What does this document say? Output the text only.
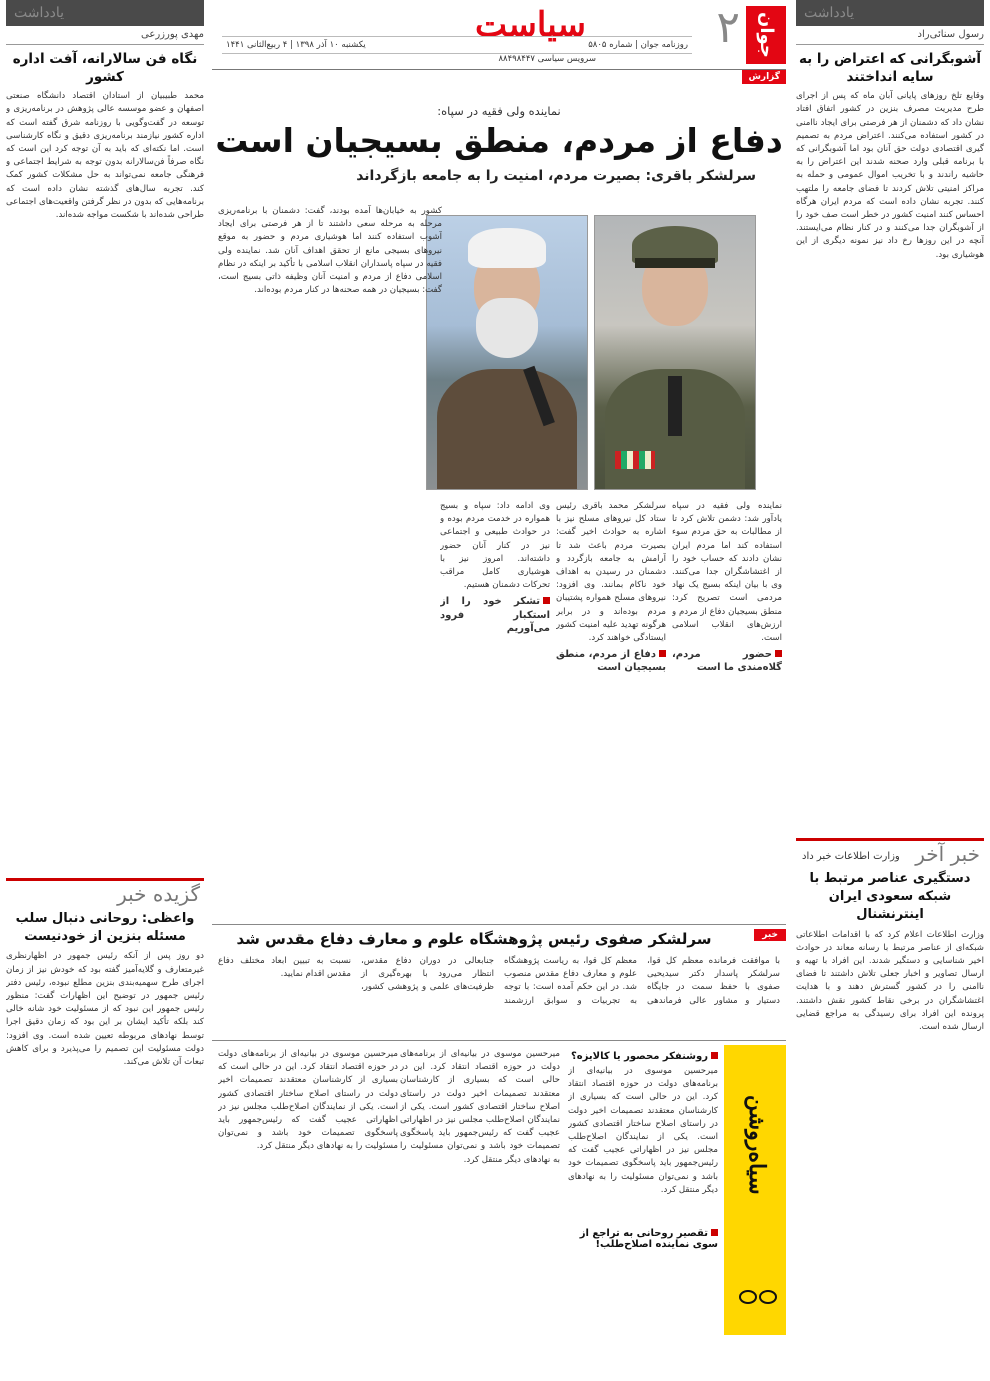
یادداشت
رسول سنائی‌راد
آشوبگرانی که اعتراض را به سایه انداختند
وقایع تلخ روزهای پایانی آبان ماه که پس از اجرای طرح مدیریت مصرف بنزین در کشور اتفاق افتاد نشان داد که دشمنان از هر فرصتی برای ایجاد ناامنی در کشور استفاده می‌کنند. اعتراض مردم به تصمیم گیری اقتصادی دولت حق آنان بود اما آشوبگرانی که با برنامه قبلی وارد صحنه شدند این اعتراض را به حاشیه راندند و با تخریب اموال عمومی و حمله به مراکز امنیتی تلاش کردند تا فضای جامعه را ملتهب کنند. تجربه نشان داده است که مردم ایران هرگاه احساس کنند امنیت کشور در خطر است صف خود را از آشوبگران جدا می‌کنند و در کنار نظام می‌ایستند. آنچه در این روزها رخ داد نیز نمونه دیگری از این هوشیاری بود.
خبر آخر
وزارت اطلاعات خبر داد
دستگیری عناصر مرتبط با شبکه سعودی ایران اینترنشنال
وزارت اطلاعات اعلام کرد که با اقدامات اطلاعاتی شبکه‌ای از عناصر مرتبط با رسانه معاند در حوادث اخیر شناسایی و دستگیر شدند. این افراد با تهیه و ارسال تصاویر و اخبار جعلی تلاش داشتند تا فضای ناامنی را در کشور گسترش دهند و با هدایت اغتشاشگران در برخی نقاط کشور نقش داشتند. پرونده این افراد برای رسیدگی به مراجع قضایی ارسال شده است.
جوان
۲
سیاست روزنامه جوان | شماره ۵۸۰۵
یکشنبه ۱۰ آذر ۱۳۹۸ | ۴ ربیع‌الثانی ۱۴۴۱
سرویس سیاسی ۸۸۴۹۸۴۴۷
گزارش
نماینده ولی فقیه در سپاه:
دفاع از مردم، منطق بسیجیان است
سرلشکر باقری: بصیرت مردم، امنیت را به جامعه بازگرداند
کشور به خیابان‌ها آمده بودند، گفت: دشمنان با برنامه‌ریزی مرحله به مرحله سعی داشتند تا از هر فرصتی برای ایجاد آشوب استفاده کنند اما هوشیاری مردم و حضور به موقع نیروهای بسیجی مانع از تحقق اهداف آنان شد. نماینده ولی فقیه در سپاه پاسداران انقلاب اسلامی با تأکید بر اینکه در نظام اسلامی دفاع از مردم و امنیت آنان وظیفه ذاتی بسیج است، گفت: بسیجیان در همه صحنه‌ها در کنار مردم بوده‌اند.
نماینده ولی فقیه در سپاه یادآور شد: دشمن تلاش کرد تا از مطالبات به حق مردم سوء استفاده کند اما مردم ایران نشان دادند که حساب خود را از اغتشاشگران جدا می‌کنند. وی با بیان اینکه بسیج یک نهاد مردمی است تصریح کرد: منطق بسیجیان دفاع از مردم و ارزش‌های انقلاب اسلامی است.

حضور مردم، گلاه‌مندی ما است
سرلشکر محمد باقری رئیس ستاد کل نیروهای مسلح نیز با اشاره به حوادث اخیر گفت: بصیرت مردم باعث شد تا آرامش به جامعه بازگردد و دشمنان در رسیدن به اهداف خود ناکام بمانند. وی افزود: نیروهای مسلح همواره پشتیبان مردم بوده‌اند و در برابر هرگونه تهدید علیه امنیت کشور ایستادگی خواهند کرد.

دفاع از مردم، منطق بسیجیان است
وی ادامه داد: سپاه و بسیج همواره در خدمت مردم بوده و در حوادث طبیعی و اجتماعی نیز در کنار آنان حضور داشته‌اند. امروز نیز با هوشیاری کامل مراقب تحرکات دشمنان هستیم.

تشکر خود را از استکبار فرود می‌آوریم
خبر
سرلشکر صفوی رئیس پژوهشگاه علوم و معارف دفاع مقدس شد
با موافقت فرمانده معظم کل قوا، سرلشکر پاسدار دکتر سیدیحیی صفوی با حفظ سمت در جایگاه دستیار و مشاور عالی فرماندهی معظم کل قوا، به ریاست پژوهشگاه علوم و معارف دفاع مقدس منصوب شد. در این حکم آمده است: با توجه به تجربیات و سوابق ارزشمند جنابعالی در دوران دفاع مقدس، انتظار می‌رود با بهره‌گیری از ظرفیت‌های علمی و پژوهشی کشور، نسبت به تبیین ابعاد مختلف دفاع مقدس اقدام نمایید.
سیاه‌روشن
روشنفکر محصور یا کالایزه؟
میرحسین موسوی در بیانیه‌ای از برنامه‌های دولت در حوزه اقتصاد انتقاد کرد. این در حالی است که بسیاری از کارشناسان معتقدند تصمیمات اخیر دولت در راستای اصلاح ساختار اقتصادی کشور است. یکی از نمایندگان اصلاح‌طلب مجلس نیز در اظهاراتی عجیب گفت که رئیس‌جمهور باید پاسخگوی تصمیمات خود باشد و نمی‌توان مسئولیت را به نهادهای دیگر منتقل کرد.
تقصیر روحانی به تراجع از سوی نماینده اصلاح‌طلب!
میرحسین موسوی در بیانیه‌ای از برنامه‌های دولت در حوزه اقتصاد انتقاد کرد. این در حالی است که بسیاری از کارشناسان معتقدند تصمیمات اخیر دولت در راستای اصلاح ساختار اقتصادی کشور است. یکی از نمایندگان اصلاح‌طلب مجلس نیز در اظهاراتی عجیب گفت که رئیس‌جمهور باید پاسخگوی تصمیمات خود باشد و نمی‌توان مسئولیت را به نهادهای دیگر منتقل کرد.
میرحسین موسوی در بیانیه‌ای از برنامه‌های دولت در حوزه اقتصاد انتقاد کرد. این در حالی است که بسیاری از کارشناسان معتقدند تصمیمات اخیر دولت در راستای اصلاح ساختار اقتصادی کشور است. یکی از نمایندگان اصلاح‌طلب مجلس نیز در اظهاراتی عجیب گفت که رئیس‌جمهور باید پاسخگوی تصمیمات خود باشد و نمی‌توان مسئولیت را به نهادهای دیگر منتقل کرد.
یادداشت
مهدی پورزرعی
نگاه فن سالارانه، آفت اداره کشور
محمد طبیبیان از استادان اقتصاد دانشگاه صنعتی اصفهان و عضو موسسه عالی پژوهش در برنامه‌ریزی و توسعه در گفت‌وگویی با روزنامه شرق گفته است که اداره کشور نیازمند برنامه‌ریزی دقیق و نگاه کارشناسی است. اما نکته‌ای که باید به آن توجه کرد این است که نگاه صرفاً فن‌سالارانه بدون توجه به شرایط اجتماعی و فرهنگی جامعه نمی‌تواند به حل مشکلات کشور کمک کند. تجربه سال‌های گذشته نشان داده است که برنامه‌هایی که بدون در نظر گرفتن واقعیت‌های اجتماعی طراحی شده‌اند با شکست مواجه شده‌اند.
گزیده خبر
واعظی: روحانی دنبال سلب مسئله بنزین از خودنیست
دو روز پس از آنکه رئیس جمهور در اظهارنظری غیرمتعارف و گلایه‌آمیز گفته بود که خودش نیز از زمان اجرای طرح سهمیه‌بندی بنزین مطلع نبوده، رئیس دفتر رئیس جمهور در توضیح این اظهارات گفت: منظور رئیس جمهور این نبود که از مسئولیت خود شانه خالی کند بلکه تأکید ایشان بر این بود که زمان دقیق اجرا توسط نهادهای مربوطه تعیین شده است. وی افزود: دولت مسئولیت این تصمیم را می‌پذیرد و برای کاهش تبعات آن تلاش می‌کند.
